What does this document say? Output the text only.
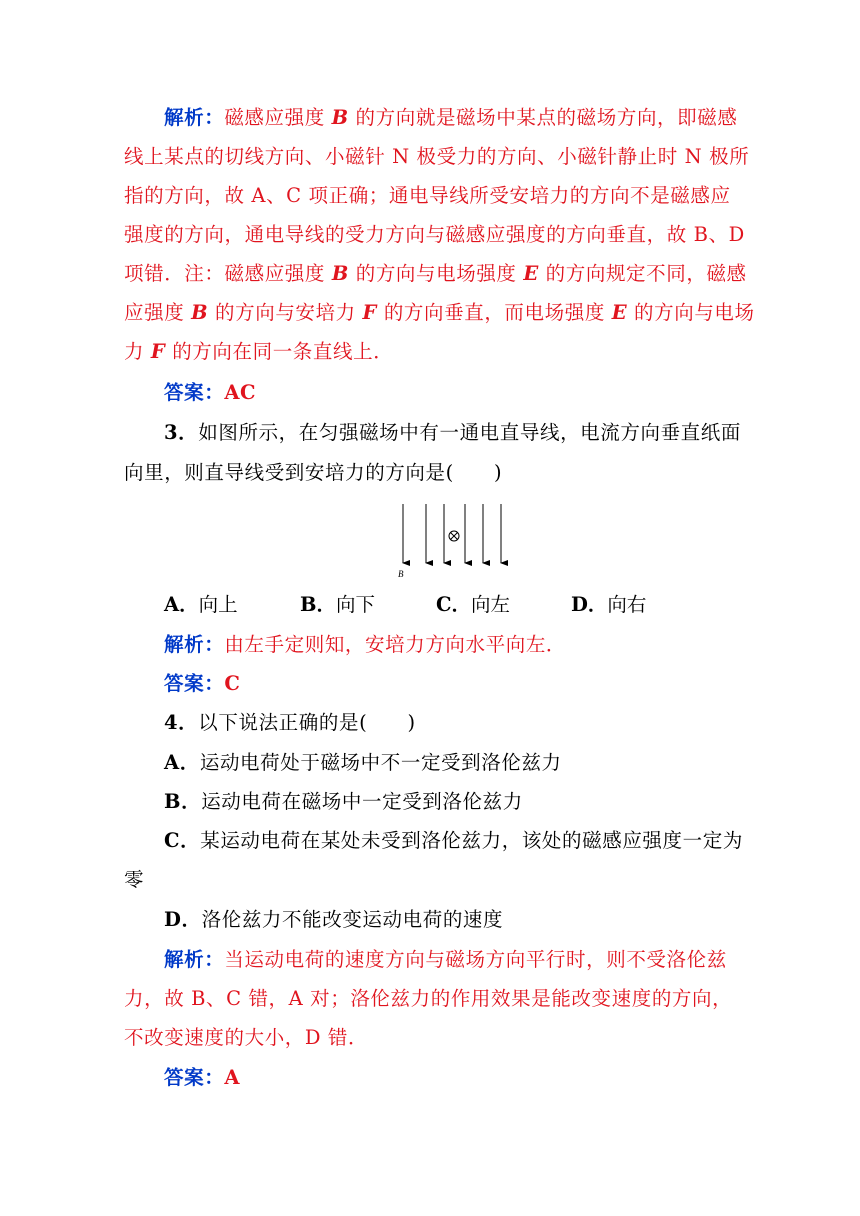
解析：磁感应强度 B 的方向就是磁场中某点的磁场方向，即磁感
线上某点的切线方向、小磁针 N 极受力的方向、小磁针静止时 N 极所
指的方向，故 A、C 项正确；通电导线所受安培力的方向不是磁感应
强度的方向，通电导线的受力方向与磁感应强度的方向垂直，故 B、D
项错．注：磁感应强度 B 的方向与电场强度 E 的方向规定不同，磁感
应强度 B 的方向与安培力 F 的方向垂直，而电场强度 E 的方向与电场
力 F 的方向在同一条直线上．
答案：AC
3．如图所示，在匀强磁场中有一通电直导线，电流方向垂直纸面
向里，则直导线受到安培力的方向是(　　)
B
A．向上	B．向下	C．向左	D．向右
解析：由左手定则知，安培力方向水平向左．
答案：C
4．以下说法正确的是(　　)
A．运动电荷处于磁场中不一定受到洛伦兹力
B．运动电荷在磁场中一定受到洛伦兹力
C．某运动电荷在某处未受到洛伦兹力，该处的磁感应强度一定为
零
D．洛伦兹力不能改变运动电荷的速度
解析：当运动电荷的速度方向与磁场方向平行时，则不受洛伦兹
力，故 B、C 错，A 对；洛伦兹力的作用效果是能改变速度的方向，
不改变速度的大小，D 错．
答案：A
